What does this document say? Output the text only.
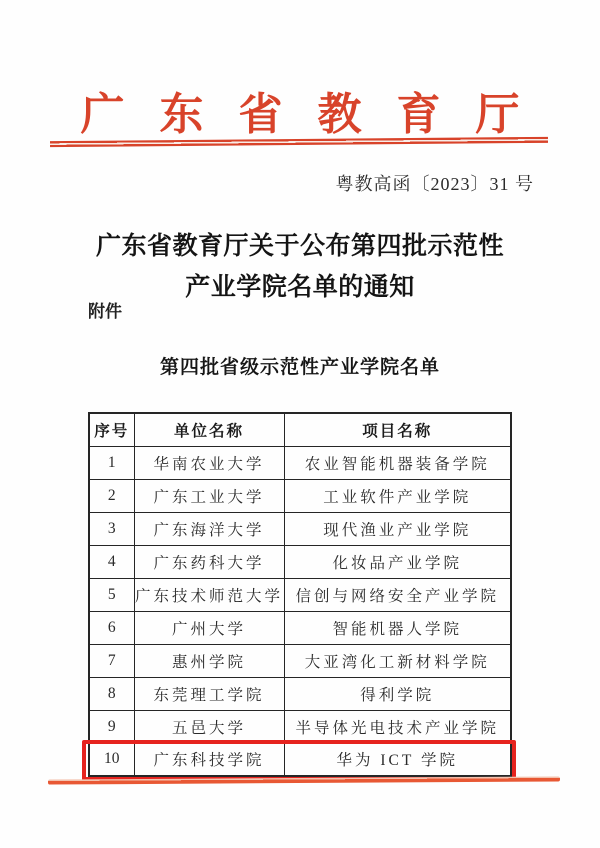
广 东 省 教 育 厅
粤教高函〔2023〕31 号
广东省教育厅关于公布第四批示范性
产业学院名单的通知
附件
第四批省级示范性产业学院名单
序号	单位名称	项目名称
1	华南农业大学	农业智能机器装备学院
2	广东工业大学	工业软件产业学院
3	广东海洋大学	现代渔业产业学院
4	广东药科大学	化妆品产业学院
5	广东技术师范大学	信创与网络安全产业学院
6	广州大学	智能机器人学院
7	惠州学院	大亚湾化工新材料学院
8	东莞理工学院	得利学院
9	五邑大学	半导体光电技术产业学院
10	广东科技学院	华为 ICT 学院
